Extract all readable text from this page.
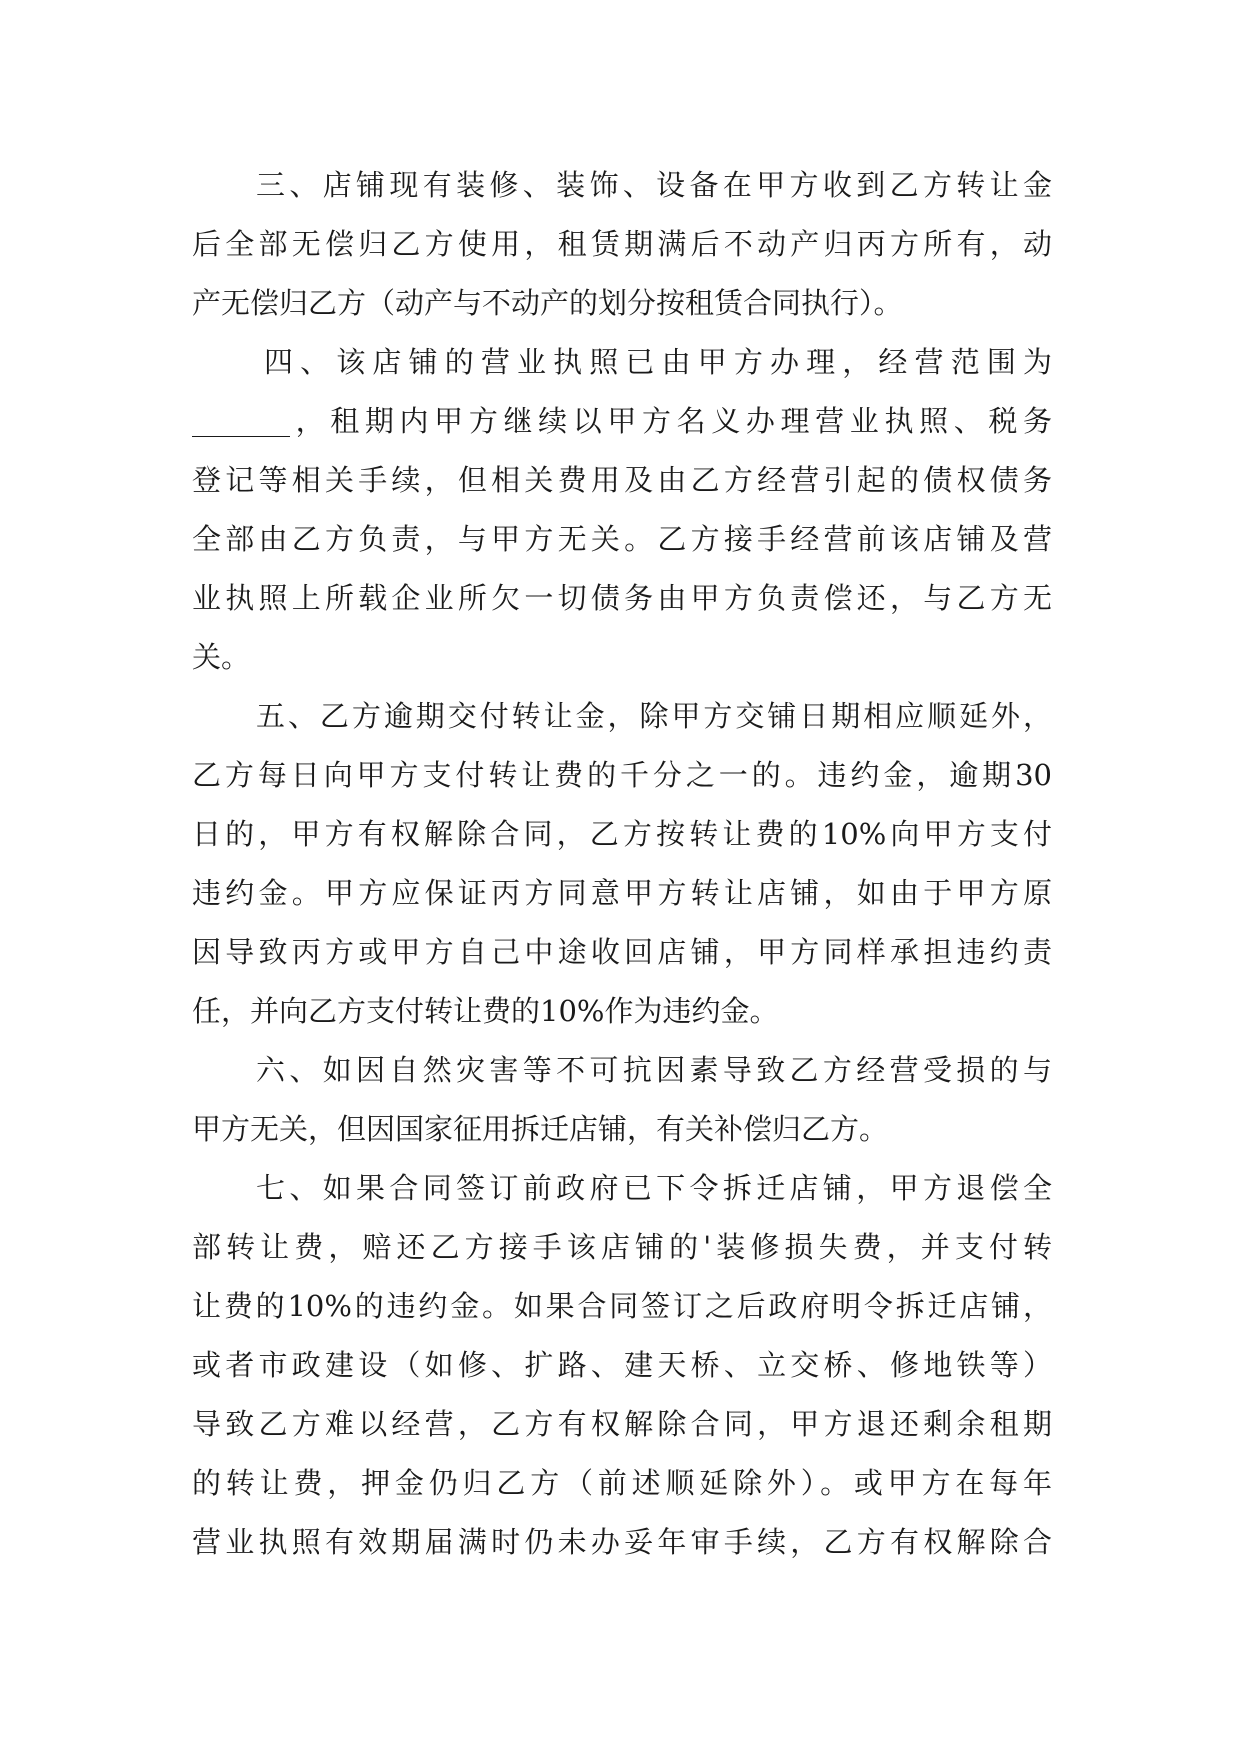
三、店铺现有装修、装饰、设备在甲方收到乙方转让金
后全部无偿归乙方使用，租赁期满后不动产归丙方所有，动
产无偿归乙方（动产与不动产的划分按租赁合同执行）。
四、该店铺的营业执照已由甲方办理，经营范围为
，租期内甲方继续以甲方名义办理营业执照、税务
登记等相关手续，但相关费用及由乙方经营引起的债权债务
全部由乙方负责，与甲方无关。乙方接手经营前该店铺及营
业执照上所载企业所欠一切债务由甲方负责偿还，与乙方无
关。
五、乙方逾期交付转让金，除甲方交铺日期相应顺延外，
乙方每日向甲方支付转让费的千分之一的。违约金，逾期30
日的，甲方有权解除合同，乙方按转让费的10%向甲方支付
违约金。甲方应保证丙方同意甲方转让店铺，如由于甲方原
因导致丙方或甲方自己中途收回店铺，甲方同样承担违约责
任，并向乙方支付转让费的10%作为违约金。
六、如因自然灾害等不可抗因素导致乙方经营受损的与
甲方无关，但因国家征用拆迁店铺，有关补偿归乙方。
七、如果合同签订前政府已下令拆迁店铺，甲方退偿全
部转让费，赔还乙方接手该店铺的'装修损失费，并支付转
让费的10%的违约金。如果合同签订之后政府明令拆迁店铺，
或者市政建设（如修、扩路、建天桥、立交桥、修地铁等）
导致乙方难以经营，乙方有权解除合同，甲方退还剩余租期
的转让费，押金仍归乙方（前述顺延除外）。或甲方在每年
营业执照有效期届满时仍未办妥年审手续，乙方有权解除合
